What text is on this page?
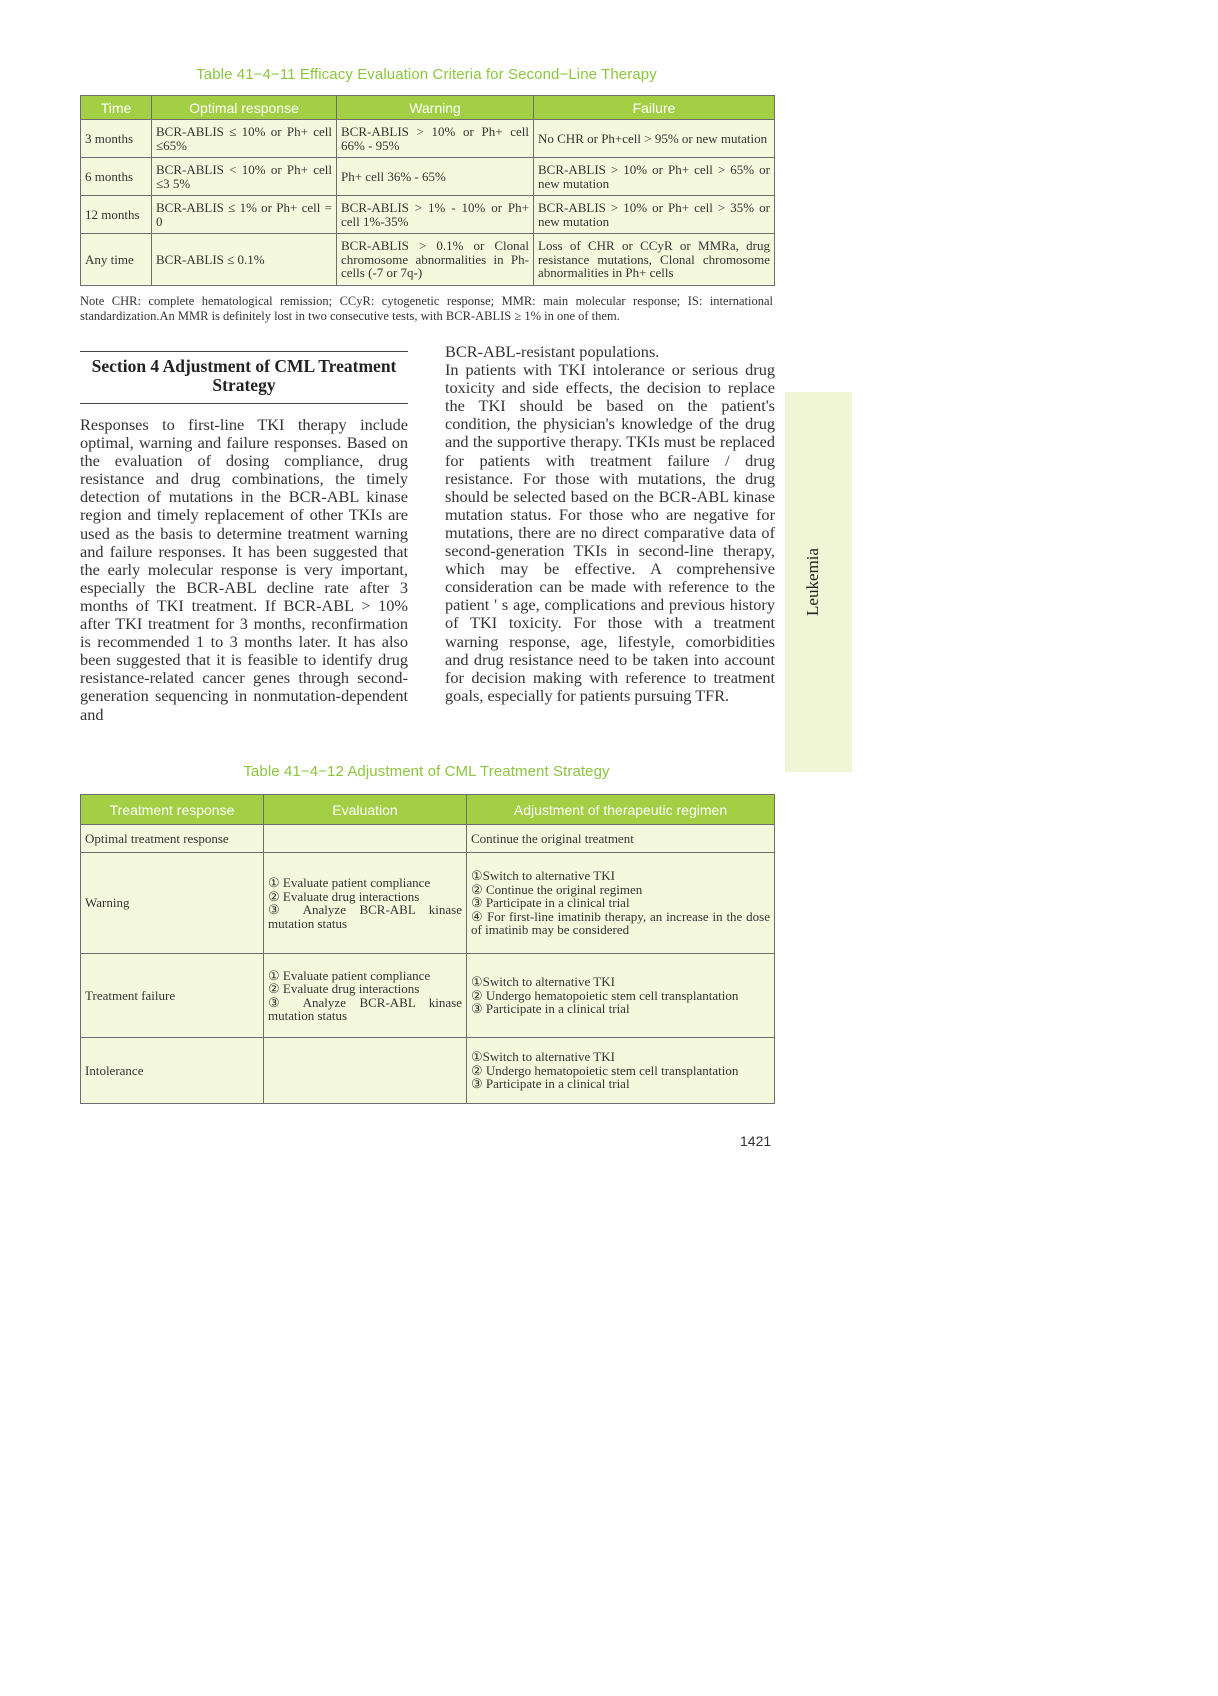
Table 41−4−11 Efficacy Evaluation Criteria for Second−Line Therapy
Time	Optimal response	Warning	Failure
3 months	BCR-ABLIS ≤ 10% or Ph+ cell ≤65%	BCR-ABLIS > 10% or Ph+ cell 66% - 95%	No CHR or Ph+cell > 95% or new mutation
6 months	BCR-ABLIS < 10% or Ph+ cell ≤3 5%	Ph+ cell 36% - 65%	BCR-ABLIS > 10% or Ph+ cell > 65% or new mutation
12 months	BCR-ABLIS ≤ 1% or Ph+ cell = 0	BCR-ABLIS > 1% - 10% or Ph+ cell 1%-35%	BCR-ABLIS > 10% or Ph+ cell > 35% or new mutation
Any time	BCR-ABLIS ≤ 0.1%	BCR-ABLIS > 0.1% or Clonal chromosome abnormalities in Ph- cells (-7 or 7q-)	Loss of CHR or CCyR or MMRa, drug resistance mutations, Clonal chromosome abnormalities in Ph+ cells
Note CHR: complete hematological remission; CCyR: cytogenetic response; MMR: main molecular response; IS: international standardization.An MMR is definitely lost in two consecutive tests, with BCR-ABLIS ≥ 1% in one of them.
Section 4 Adjustment of CML Treatment Strategy

Responses to first-line TKI therapy include optimal, warning and failure responses. Based on the evaluation of dosing compliance, drug resistance and drug combinations, the timely detection of mutations in the BCR-ABL kinase region and timely replacement of other TKIs are used as the basis to determine treatment warning and failure responses. It has been suggested that the early molecular response is very important, especially the BCR-ABL decline rate after 3 months of TKI treatment. If BCR-ABL > 10% after TKI treatment for 3 months, reconfirmation is recommended 1 to 3 months later. It has also been suggested that it is feasible to identify drug resistance-related cancer genes through second-generation sequencing in nonmutation-dependent and

BCR-ABL-resistant populations.

In patients with TKI intolerance or serious drug toxicity and side effects, the decision to replace the TKI should be based on the patient's condition, the physician's knowledge of the drug and the supportive therapy. TKIs must be replaced for patients with treatment failure / drug resistance. For those with mutations, the drug should be selected based on the BCR-ABL kinase mutation status. For those who are negative for mutations, there are no direct comparative data of second-generation TKIs in second-line therapy, which may be effective. A comprehensive consideration can be made with reference to the patient ' s age, complications and previous history of TKI toxicity. For those with a treatment warning response, age, lifestyle, comorbidities and drug resistance need to be taken into account for decision making with reference to treatment goals, especially for patients pursuing TFR.

Leukemia
Table 41−4−12 Adjustment of CML Treatment Strategy
Treatment response	Evaluation	Adjustment of therapeutic regimen
Optimal treatment response		Continue the original treatment

Warning	① Evaluate patient compliance
② Evaluate drug interactions
③ Analyze BCR-ABL kinase mutation status	①Switch to alternative TKI
② Continue the original regimen
③ Participate in a clinical trial
④ For first-line imatinib therapy, an increase in the dose of imatinib may be considered

Treatment failure	① Evaluate patient compliance
② Evaluate drug interactions
③ Analyze BCR-ABL kinase mutation status	①Switch to alternative TKI
② Undergo hematopoietic stem cell transplantation
③ Participate in a clinical trial

Intolerance		①Switch to alternative TKI
② Undergo hematopoietic stem cell transplantation
③ Participate in a clinical trial
1421
